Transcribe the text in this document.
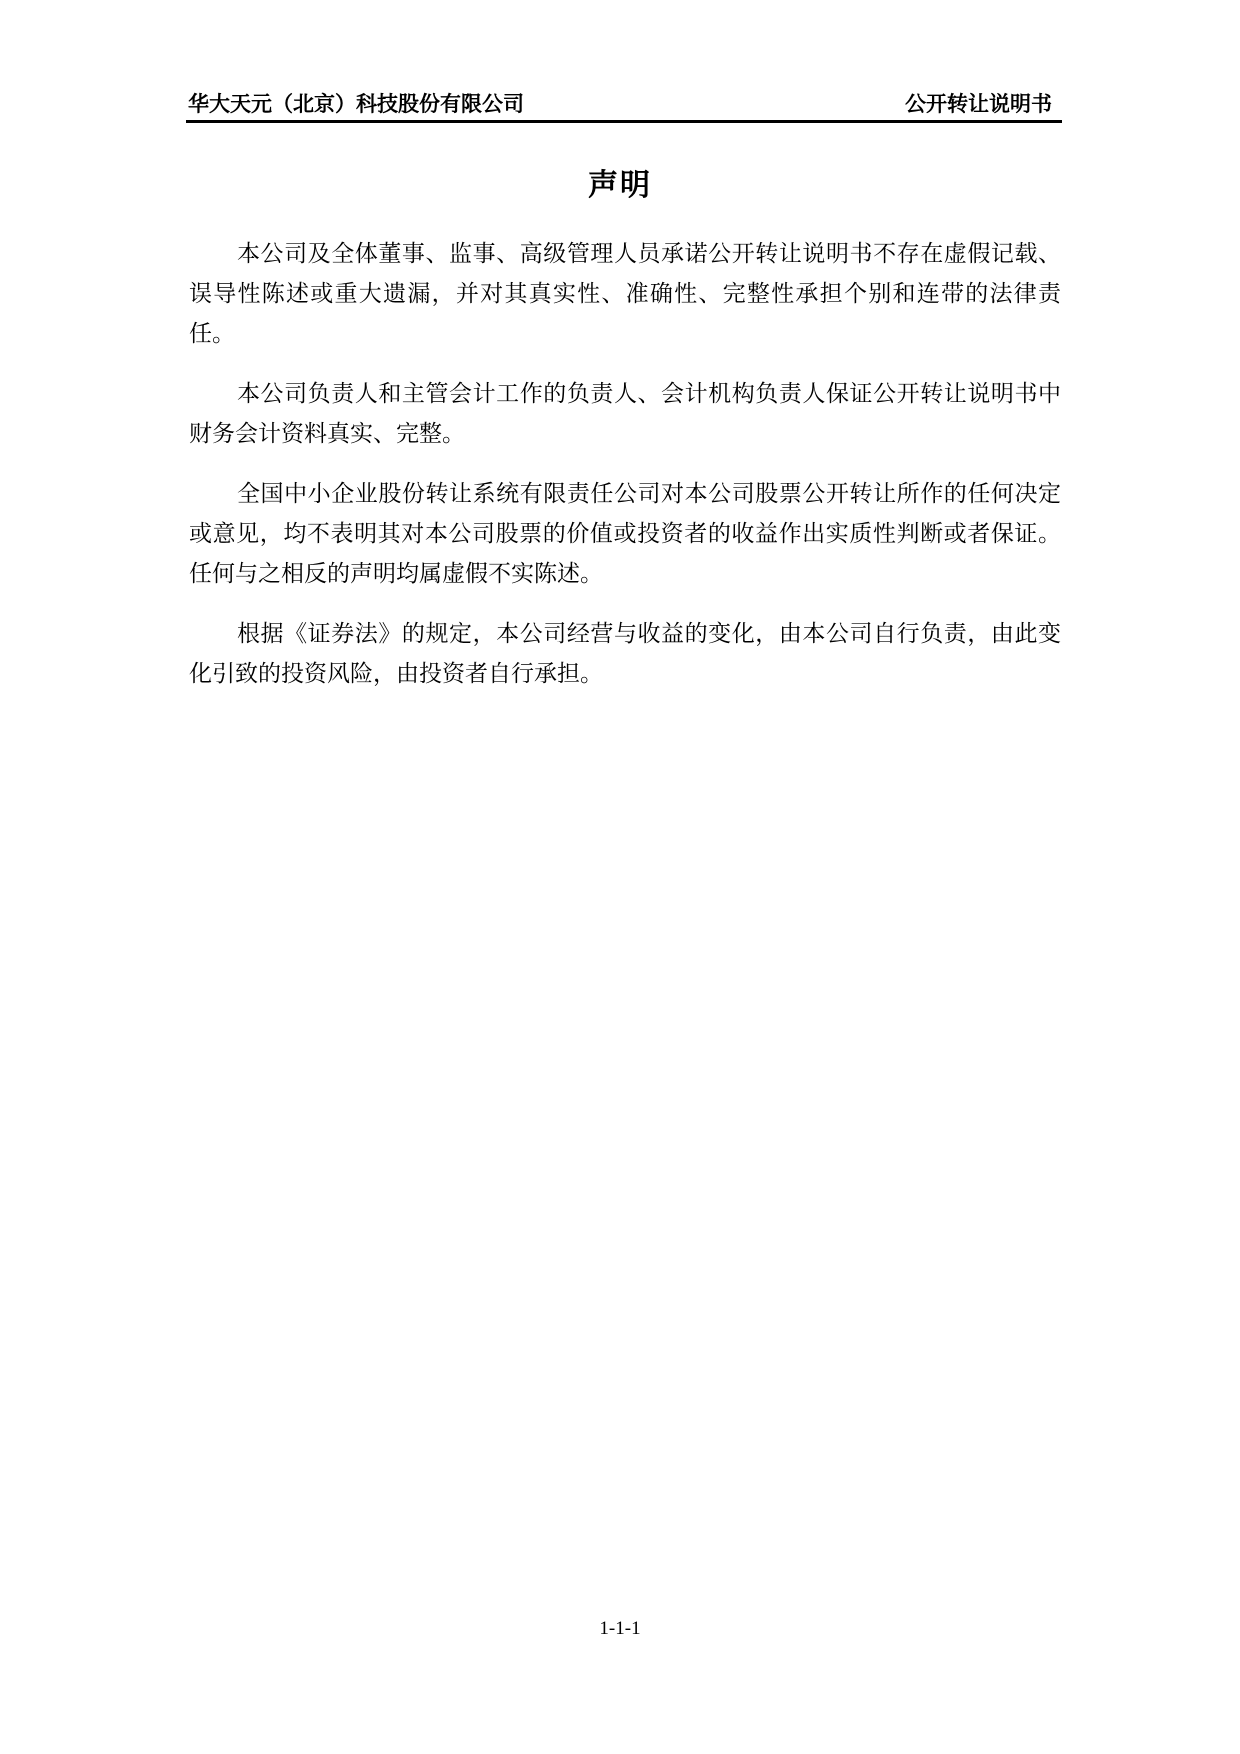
华大天元（北京）科技股份有限公司	公开转让说明书
声明

本公司及全体董事、监事、高级管理人员承诺公开转让说明书不存在虚假记载、误导性陈述或重大遗漏，并对其真实性、准确性、完整性承担个别和连带的法律责任。

本公司负责人和主管会计工作的负责人、会计机构负责人保证公开转让说明书中财务会计资料真实、完整。

全国中小企业股份转让系统有限责任公司对本公司股票公开转让所作的任何决定或意见，均不表明其对本公司股票的价值或投资者的收益作出实质性判断或者保证。任何与之相反的声明均属虚假不实陈述。

根据《证券法》的规定，本公司经营与收益的变化，由本公司自行负责，由此变化引致的投资风险，由投资者自行承担。

1-1-1
